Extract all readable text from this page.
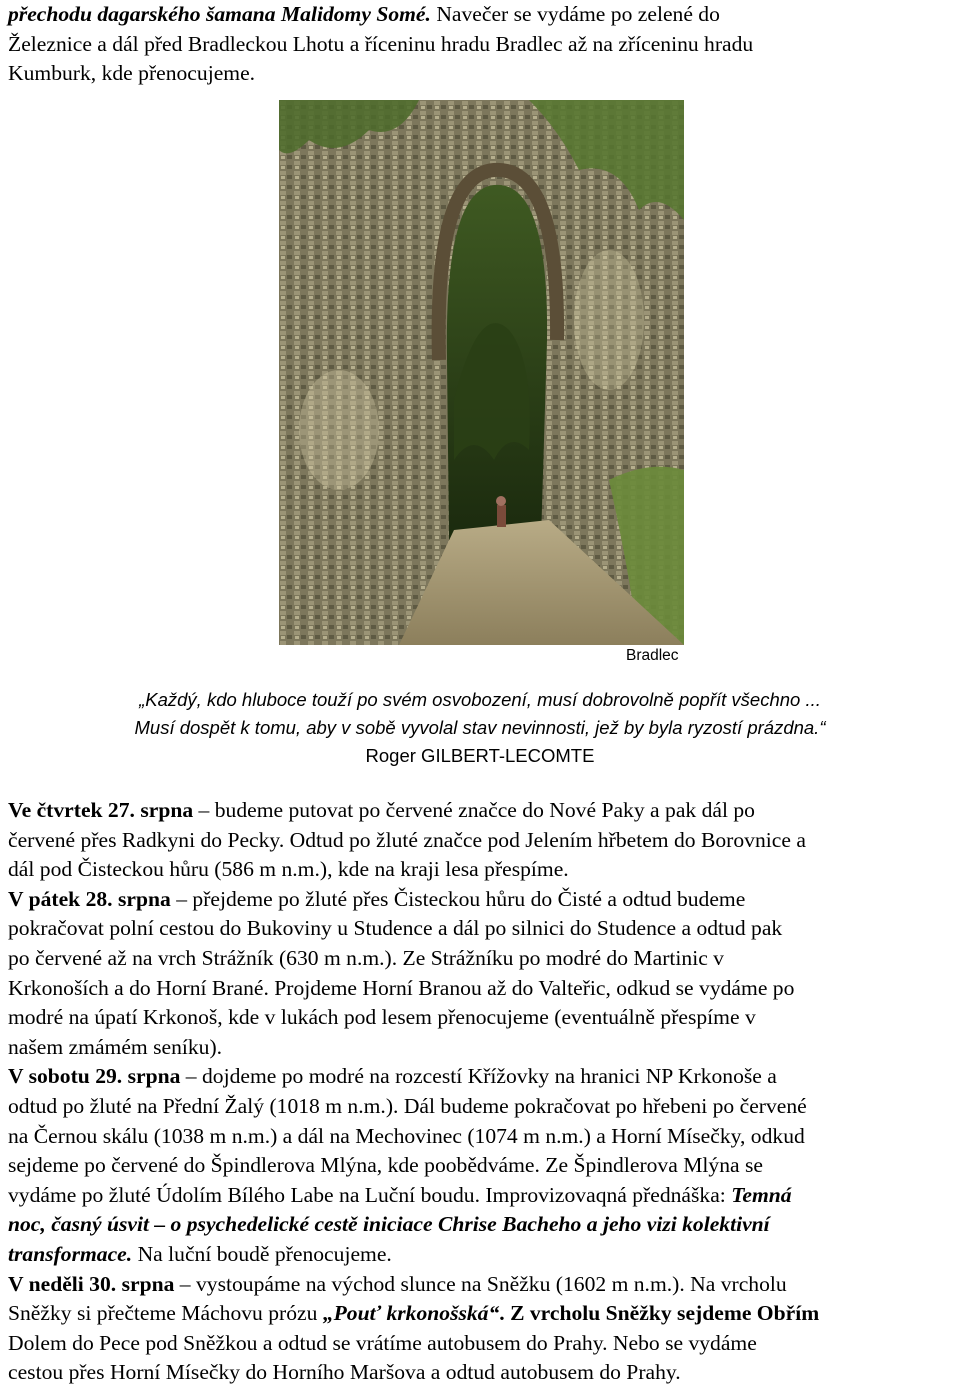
přechodu dagarského šamana Malidomy Somé. Navečer se vydáme po zelené do
Železnice a dál před Bradleckou Lhotu a říceninu hradu Bradlec až na zříceninu hradu
Kumburk, kde přenocujeme.

Bradlec
„Každý, kdo hluboce touží po svém osvobození, musí dobrovolně popřít všechno ...
Musí dospět k tomu, aby v sobě vyvolal stav nevinnosti, jež by byla ryzostí prázdna.“
Roger GILBERT-LECOMTE

Ve čtvrtek 27. srpna – budeme putovat po červené značce do Nové Paky a pak dál po
červené přes Radkyni do Pecky. Odtud po žluté značce pod Jelením hřbetem do Borovnice a
dál pod Čisteckou hůru (586 m n.m.), kde na kraji lesa přespíme.
V pátek 28. srpna – přejdeme po žluté přes Čisteckou hůru do Čisté a odtud budeme
pokračovat polní cestou do Bukoviny u Studence a dál po silnici do Studence a odtud pak
po červené až na vrch Strážník (630 m n.m.). Ze Strážníku po modré do Martinic v
Krkonoších a do Horní Brané. Projdeme Horní Branou až do Valteřic, odkud se vydáme po
modré na úpatí Krkonoš, kde v lukách pod lesem přenocujeme (eventuálně přespíme v
našem zmámém seníku).
V sobotu 29. srpna – dojdeme po modré na rozcestí Křížovky na hranici NP Krkonoše a
odtud po žluté na Přední Žalý (1018 m n.m.). Dál budeme pokračovat po hřebeni po červené
na Černou skálu (1038 m n.m.) a dál na Mechovinec (1074 m n.m.) a Horní Mísečky, odkud
sejdeme po červené do Špindlerova Mlýna, kde poobědváme. Ze Špindlerova Mlýna se
vydáme po žluté Údolím Bílého Labe na Luční boudu. Improvizovaqná přednáška: Temná
noc, časný úsvit – o psychedelické cestě iniciace Chrise Bacheho a jeho vizi kolektivní
transformace. Na luční boudě přenocujeme.
V neděli 30. srpna – vystoupáme na východ slunce na Sněžku (1602 m n.m.). Na vrcholu
Sněžky si přečteme Máchovu prózu „Pouť krkonošská“. Z vrcholu Sněžky sejdeme Obřím
Dolem do Pece pod Sněžkou a odtud se vrátíme autobusem do Prahy. Nebo se vydáme
cestou přes Horní Mísečky do Horního Maršova a odtud autobusem do Prahy.
